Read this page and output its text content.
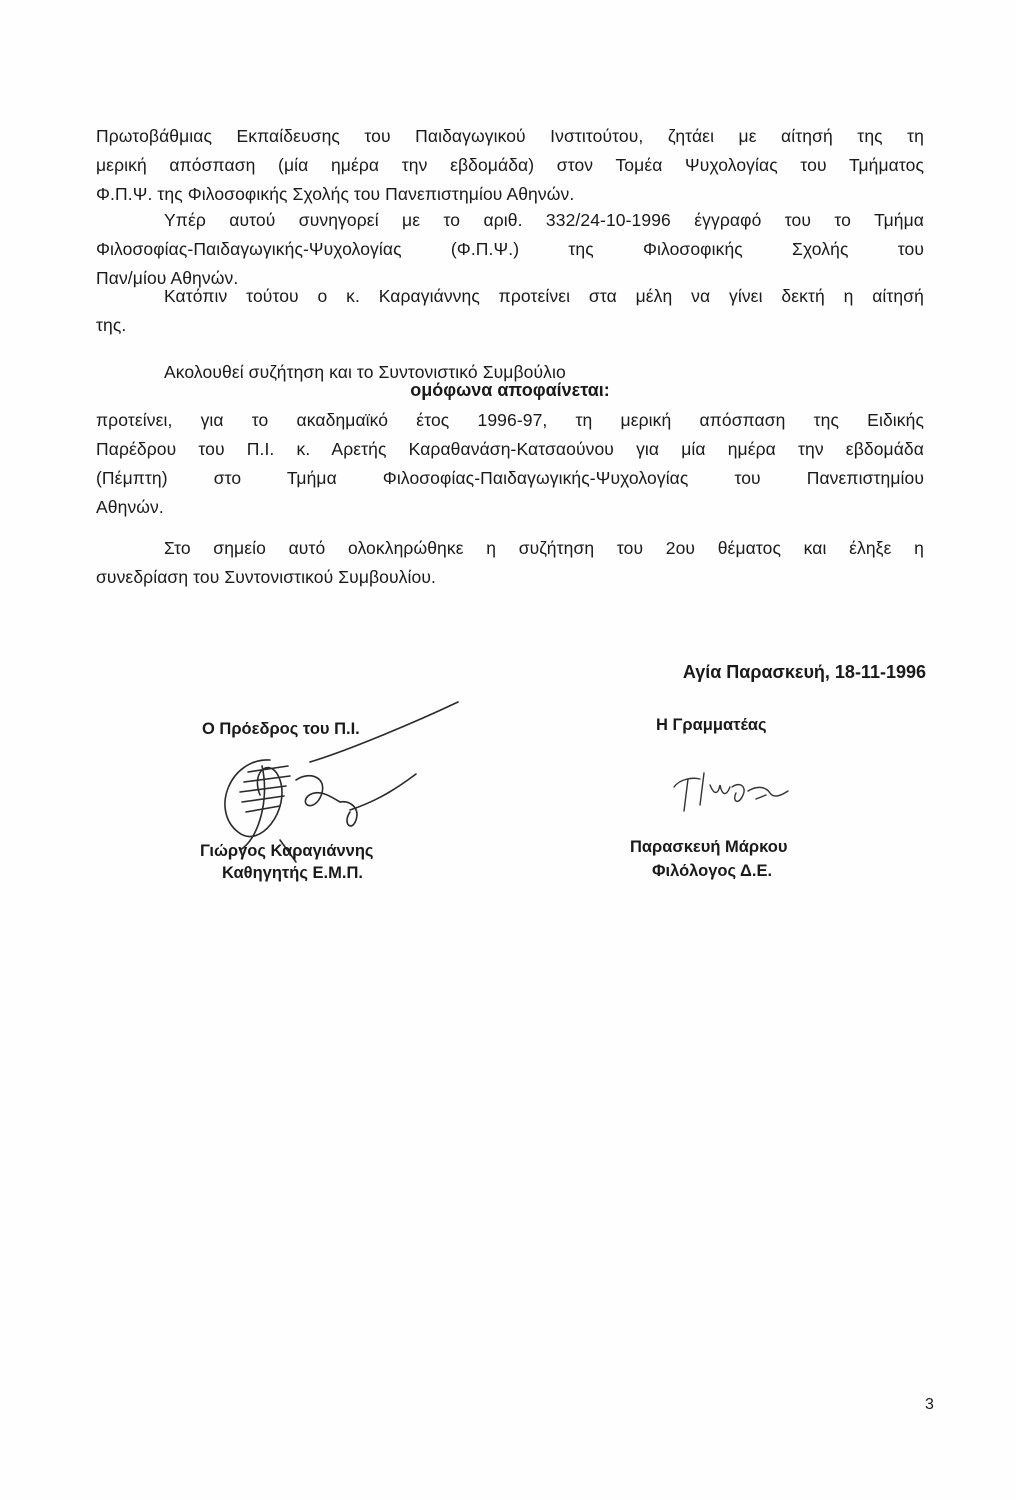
Πρωτοβάθμιας Εκπαίδευσης του Παιδαγωγικού Ινστιτούτου, ζητάει με αίτησή της τη
μερική απόσπαση (μία ημέρα την εβδομάδα) στον Τομέα Ψυχολογίας του Τμήματος
Φ.Π.Ψ. της Φιλοσοφικής Σχολής του Πανεπιστημίου Αθηνών.
Υπέρ αυτού συνηγορεί με το αριθ. 332/24-10-1996 έγγραφό του το Τμήμα
Φιλοσοφίας-Παιδαγωγικής-Ψυχολογίας (Φ.Π.Ψ.) της Φιλοσοφικής Σχολής του
Παν/μίου Αθηνών.
Κατόπιν τούτου ο κ. Καραγιάννης προτείνει στα μέλη να γίνει δεκτή η αίτησή
της.
Ακολουθεί συζήτηση και το Συντονιστικό Συμβούλιο
ομόφωνα αποφαίνεται:
προτείνει, για το ακαδημαϊκό έτος 1996-97, τη μερική απόσπαση της Ειδικής
Παρέδρου του Π.Ι. κ. Αρετής Καραθανάση-Κατσαούνου για μία ημέρα την εβδομάδα
(Πέμπτη) στο Τμήμα Φιλοσοφίας-Παιδαγωγικής-Ψυχολογίας του Πανεπιστημίου
Αθηνών.
Στο σημείο αυτό ολοκληρώθηκε η συζήτηση του 2ου θέματος και έληξε η
συνεδρίαση του Συντονιστικού Συμβουλίου.
Αγία Παρασκευή, 18-11-1996
Ο Πρόεδρος του Π.Ι.
Γιώργος Καραγιάννης
Καθηγητής Ε.Μ.Π.
Η Γραμματέας
Παρασκευή Μάρκου
Φιλόλογος Δ.Ε.
3
